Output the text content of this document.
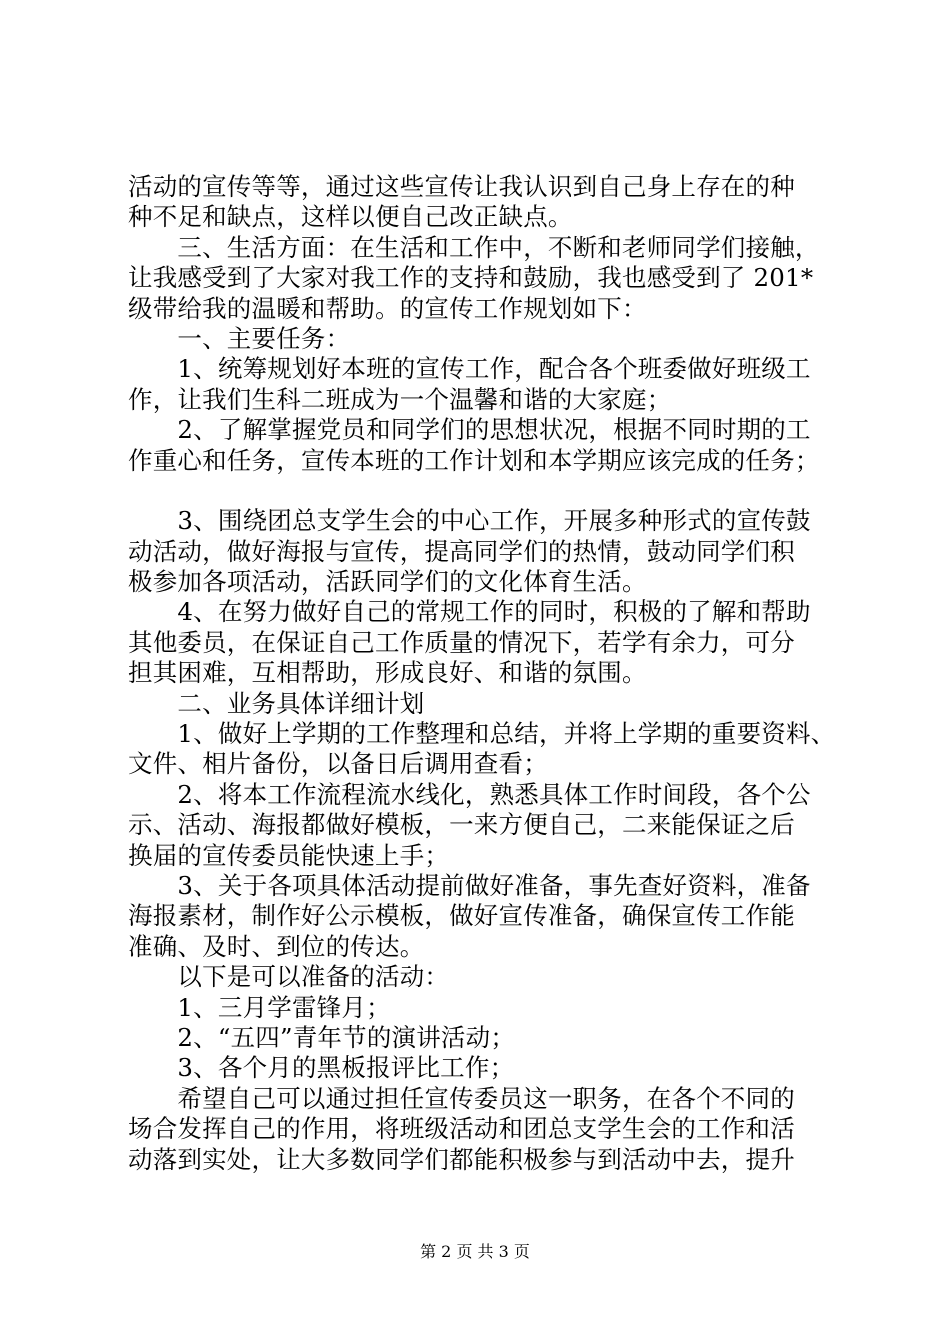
活动的宣传等等，通过这些宣传让我认识到自己身上存在的种
种不足和缺点，这样以便自己改正缺点。
　　三、生活方面：在生活和工作中，不断和老师同学们接触，
让我感受到了大家对我工作的支持和鼓励，我也感受到了 201*
级带给我的温暖和帮助。的宣传工作规划如下：
　　一、主要任务：
　　1、统筹规划好本班的宣传工作，配合各个班委做好班级工
作，让我们生科二班成为一个温馨和谐的大家庭；
　　2、了解掌握党员和同学们的思想状况，根据不同时期的工
作重心和任务，宣传本班的工作计划和本学期应该完成的任务；
　　3、围绕团总支学生会的中心工作，开展多种形式的宣传鼓
动活动，做好海报与宣传，提高同学们的热情，鼓动同学们积
极参加各项活动，活跃同学们的文化体育生活。
　　4、在努力做好自己的常规工作的同时，积极的了解和帮助
其他委员，在保证自己工作质量的情况下，若学有余力，可分
担其困难，互相帮助，形成良好、和谐的氛围。
　　二、业务具体详细计划
　　1、做好上学期的工作整理和总结，并将上学期的重要资料、
文件、相片备份，以备日后调用查看；
　　2、将本工作流程流水线化，熟悉具体工作时间段，各个公
示、活动、海报都做好模板，一来方便自己，二来能保证之后
换届的宣传委员能快速上手；
　　3、关于各项具体活动提前做好准备，事先查好资料，准备
海报素材，制作好公示模板，做好宣传准备，确保宣传工作能
准确、及时、到位的传达。
　　以下是可以准备的活动：
　　1、三月学雷锋月；
　　2、“五四”青年节的演讲活动；
　　3、各个月的黑板报评比工作；
　　希望自己可以通过担任宣传委员这一职务，在各个不同的
场合发挥自己的作用，将班级活动和团总支学生会的工作和活
动落到实处，让大多数同学们都能积极参与到活动中去，提升
第 2 页 共 3 页
